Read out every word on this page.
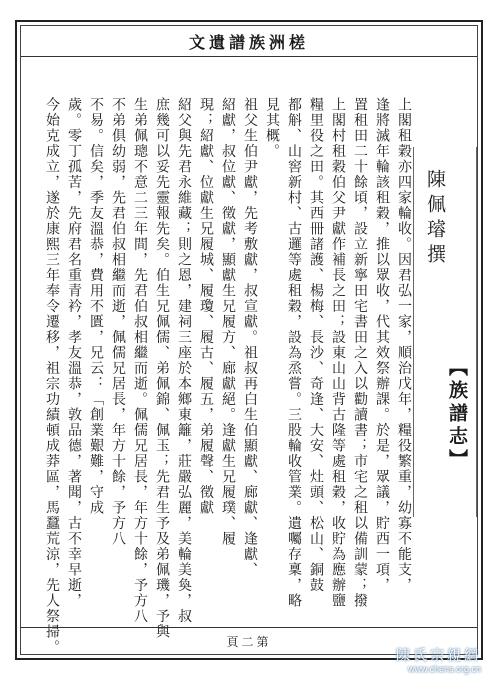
文遺譜族洲槎
陳佩璿撰
【族譜志】
上閣租穀亦四家輪收。因君弘一家，順治戊年，糧役繁重，幼寡不能支，
逢將滅年輪該租穀，推以眾收，代其效祭辦課。於是，眾議，貯西一項，
置租田二十餘頃，設立新寧田宅書田之入以勸讀書；市宅之租以備訓蒙；撥
上閣村租穀伯父尹獻作補長之田；設東山山背古隆等處租穀，收貯為應辦鹽
糧里役之田。其西冊諸護、楊梅、長沙、奇逢、大安、灶頭、松山、銅鼓
都斛、山窖新村、古邏等處租穀，設為烝嘗。三股輪收管業。遺囑存稟，略
見其概。
祖父生伯尹獻，先考敷獻，叔宣獻。祖叔再白生伯顯獻、廊獻、逢獻、
紹獻，叔位獻、徵獻，顯獻生兄履方、廊獻絕。逢獻生兄履璞、履
現；紹獻、位獻生兄履城、履瓊、履古、履五，弟履聲、徵獻
紹父與先君永維藏；則之恩，建祠三座於本鄉東籬，莊嚴弘麗，美輪美奐，叔
庶幾可以妥先靈報先矣。伯生兄佩儒、弟佩錦、佩玉；先君生予及弟佩璣，予與
生弟佩璁不意二三年間，先君伯叔相繼而逝。佩儒兄居長，年方十餘，予方八
不弟俱幼弱，先君伯叔相繼而逝，佩儒兄居長，年方十餘，予方八
不易。信矣，季友溫恭，費用不匱，兄云：「創業艱難，守成
歲。零丁孤苦，先府君名重青衿，孝友溫恭，敦品德，著聞，古不幸早逝，
今始克成立，遂於康熙三年奉令遷移，祖宗功績頓成莽區，馬蠶荒涼，先人祭掃。	頁二第
陳氏宗親網
www.chens.org.cn
